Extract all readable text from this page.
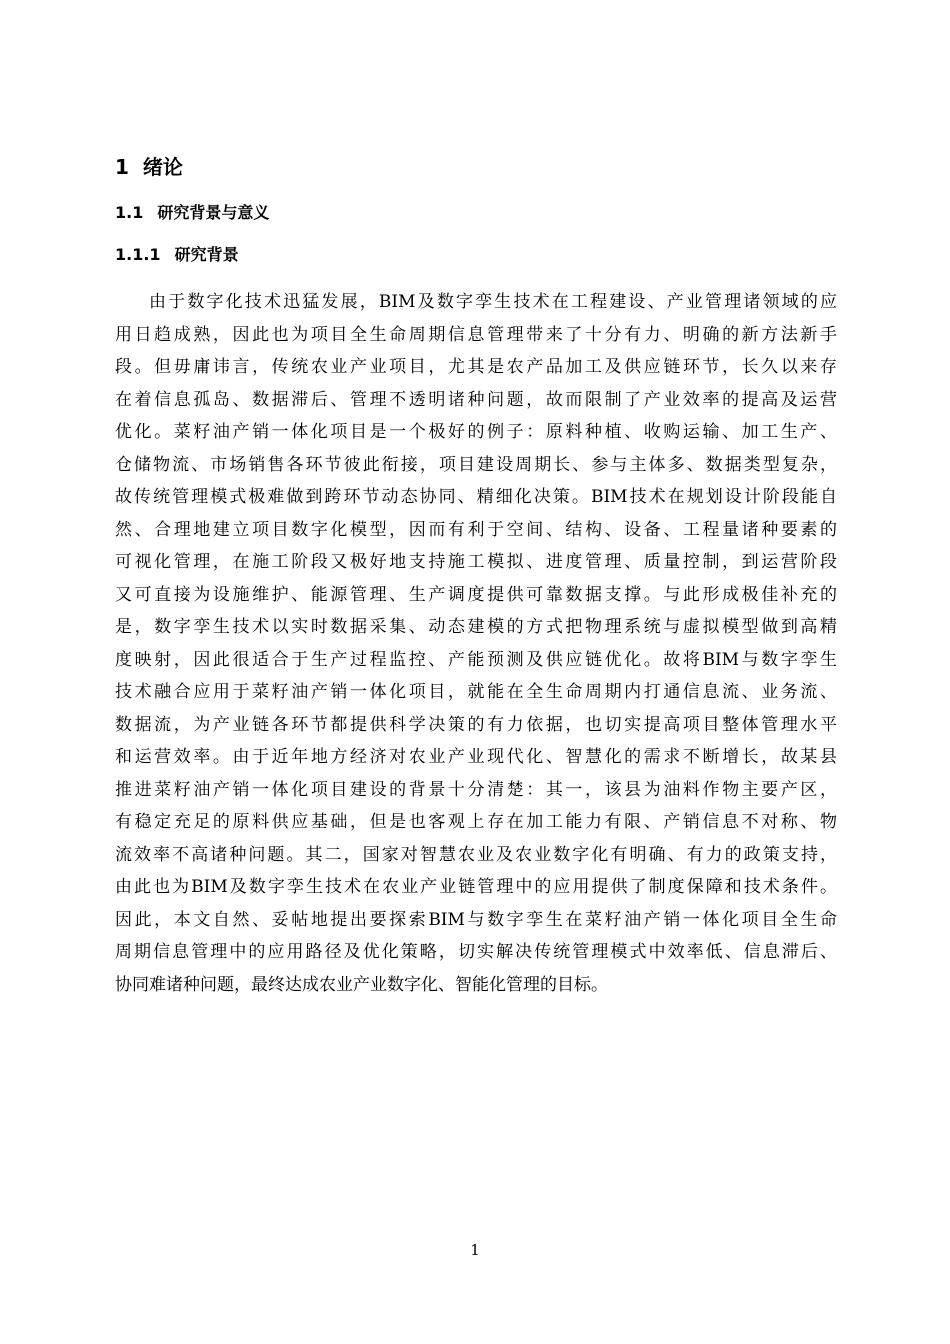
1 绪论
1.1 研究背景与意义
1.1.1 研究背景
由于数字化技术迅猛发展，BIM及数字孪生技术在工程建设、产业管理诸领域的应
用日趋成熟，因此也为项目全生命周期信息管理带来了十分有力、明确的新方法新手
段。但毋庸讳言，传统农业产业项目，尤其是农产品加工及供应链环节，长久以来存
在着信息孤岛、数据滞后、管理不透明诸种问题，故而限制了产业效率的提高及运营
优化。菜籽油产销一体化项目是一个极好的例子：原料种植、收购运输、加工生产、
仓储物流、市场销售各环节彼此衔接，项目建设周期长、参与主体多、数据类型复杂，
故传统管理模式极难做到跨环节动态协同、精细化决策。BIM技术在规划设计阶段能自
然、合理地建立项目数字化模型，因而有利于空间、结构、设备、工程量诸种要素的
可视化管理，在施工阶段又极好地支持施工模拟、进度管理、质量控制，到运营阶段
又可直接为设施维护、能源管理、生产调度提供可靠数据支撑。与此形成极佳补充的
是，数字孪生技术以实时数据采集、动态建模的方式把物理系统与虚拟模型做到高精
度映射，因此很适合于生产过程监控、产能预测及供应链优化。故将BIM与数字孪生
技术融合应用于菜籽油产销一体化项目，就能在全生命周期内打通信息流、业务流、
数据流，为产业链各环节都提供科学决策的有力依据，也切实提高项目整体管理水平
和运营效率。由于近年地方经济对农业产业现代化、智慧化的需求不断增长，故某县
推进菜籽油产销一体化项目建设的背景十分清楚：其一，该县为油料作物主要产区，
有稳定充足的原料供应基础，但是也客观上存在加工能力有限、产销信息不对称、物
流效率不高诸种问题。其二，国家对智慧农业及农业数字化有明确、有力的政策支持，
由此也为BIM及数字孪生技术在农业产业链管理中的应用提供了制度保障和技术条件。
因此，本文自然、妥帖地提出要探索BIM与数字孪生在菜籽油产销一体化项目全生命
周期信息管理中的应用路径及优化策略，切实解决传统管理模式中效率低、信息滞后、
协同难诸种问题，最终达成农业产业数字化、智能化管理的目标。
1
